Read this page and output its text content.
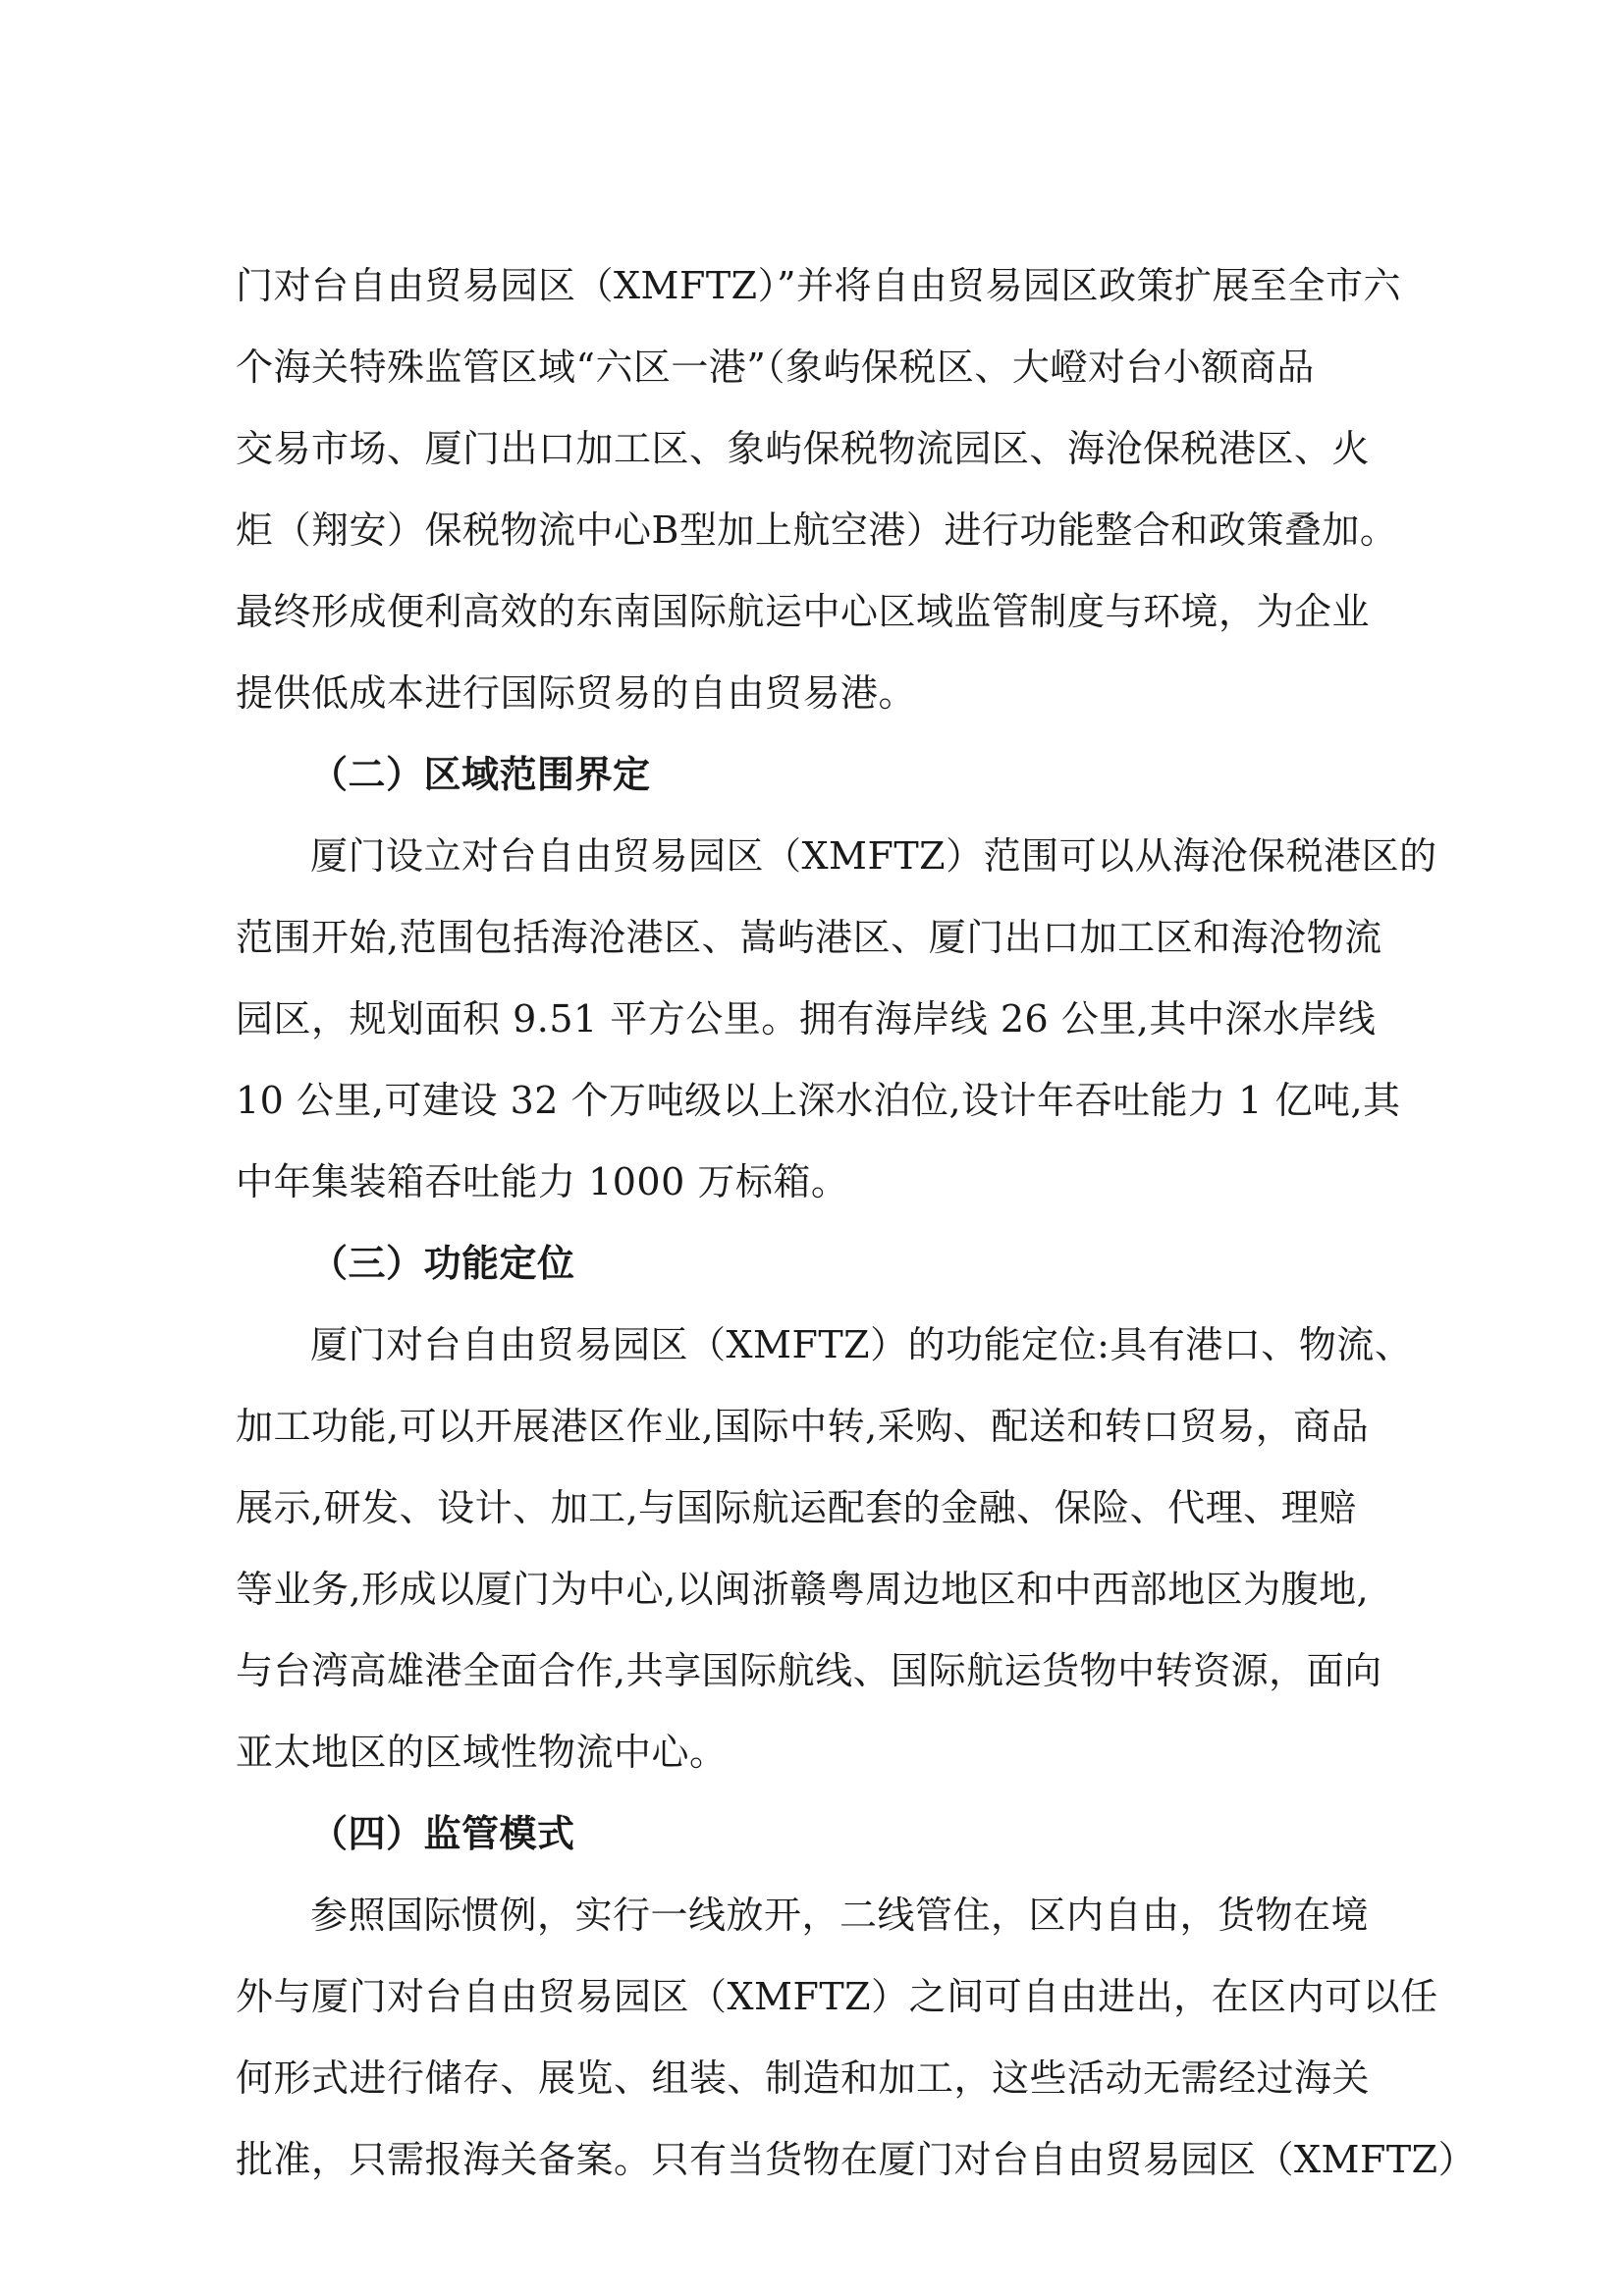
门对台自由贸易园区（XMFTZ）”并将自由贸易园区政策扩展至全市六
个海关特殊监管区域“六区一港”（象屿保税区、大嶝对台小额商品
交易市场、厦门出口加工区、象屿保税物流园区、海沧保税港区、火
炬（翔安）保税物流中心B型加上航空港）进行功能整合和政策叠加。
最终形成便利高效的东南国际航运中心区域监管制度与环境，为企业
提供低成本进行国际贸易的自由贸易港。
（二）区域范围界定
厦门设立对台自由贸易园区（XMFTZ）范围可以从海沧保税港区的
范围开始,范围包括海沧港区、嵩屿港区、厦门出口加工区和海沧物流
园区，规划面积 9.51 平方公里。拥有海岸线 26 公里,其中深水岸线
10 公里,可建设 32 个万吨级以上深水泊位,设计年吞吐能力 1 亿吨,其
中年集装箱吞吐能力 1000 万标箱。
（三）功能定位
厦门对台自由贸易园区（XMFTZ）的功能定位:具有港口、物流、
加工功能,可以开展港区作业,国际中转,采购、配送和转口贸易，商品
展示,研发、设计、加工,与国际航运配套的金融、保险、代理、理赔
等业务,形成以厦门为中心,以闽浙赣粤周边地区和中西部地区为腹地,
与台湾高雄港全面合作,共享国际航线、国际航运货物中转资源，面向
亚太地区的区域性物流中心。
（四）监管模式
参照国际惯例，实行一线放开，二线管住，区内自由，货物在境
外与厦门对台自由贸易园区（XMFTZ）之间可自由进出，在区内可以任
何形式进行储存、展览、组装、制造和加工，这些活动无需经过海关
批准，只需报海关备案。只有当货物在厦门对台自由贸易园区（XMFTZ）
